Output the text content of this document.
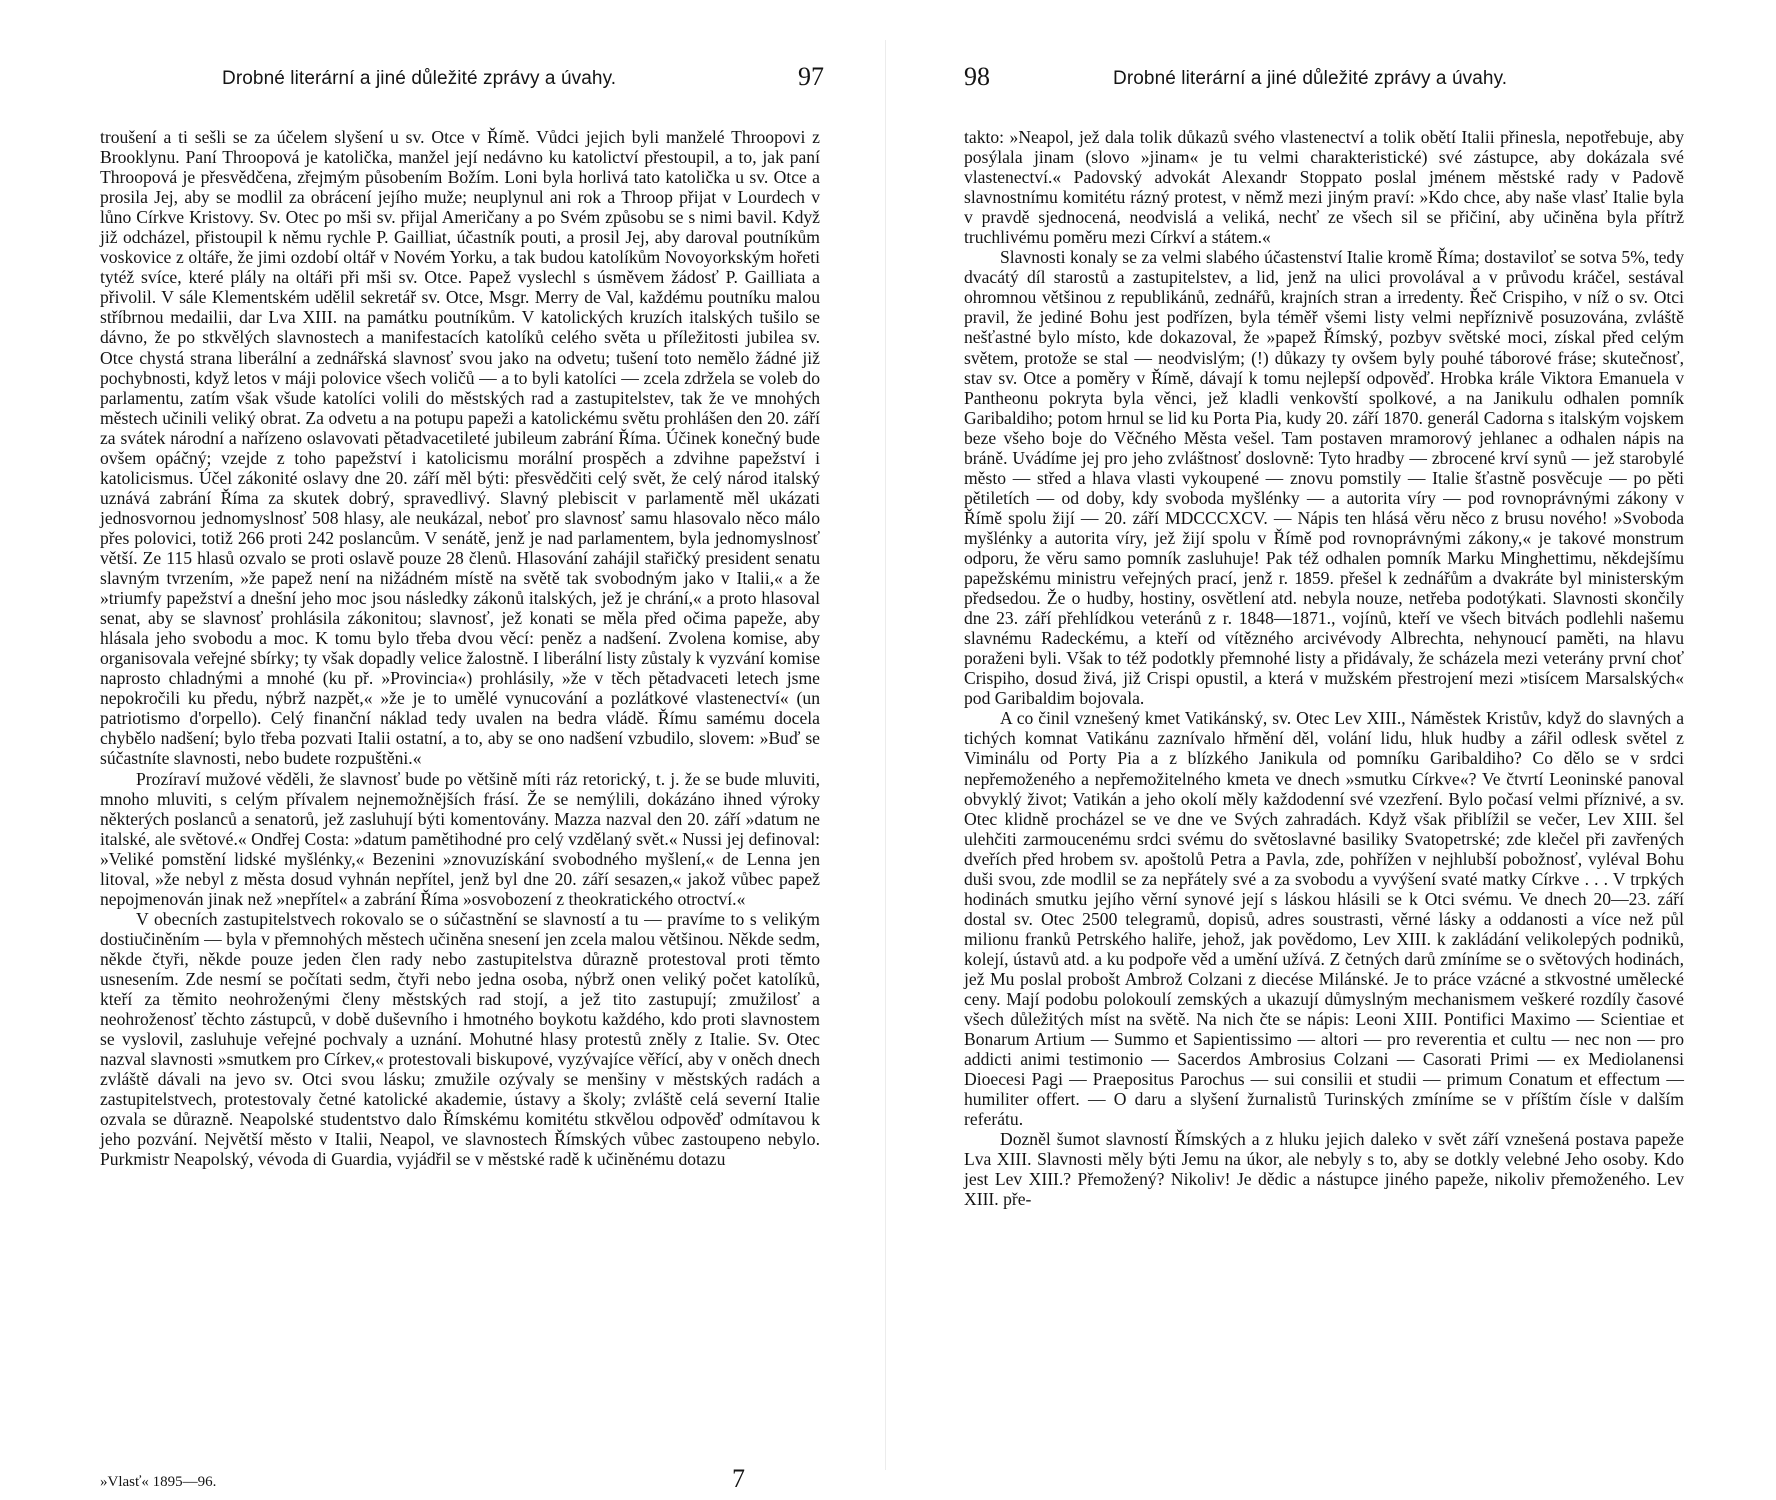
Drobné literární a jiné důležité zprávy a úvahy.	97

troušení a ti sešli se za účelem slyšení u sv. Otce v Římě. Vůdci jejich byli manželé Throopovi z Brooklynu. Paní Throopová je katolička, manžel její nedávno ku katolictví přestoupil, a to, jak paní Throopová je přesvědčena, zřejmým působením Božím. Loni byla horlivá tato katolička u sv. Otce a prosila Jej, aby se modlil za obrácení jejího muže; neuplynul ani rok a Throop přijat v Lourdech v lůno Církve Kristovy. Sv. Otec po mši sv. přijal Američany a po Svém způsobu se s nimi bavil. Když již odcházel, přistoupil k němu rychle P. Gailliat, účastník pouti, a prosil Jej, aby daroval poutníkům voskovice z oltáře, že jimi ozdobí oltář v Novém Yorku, a tak budou katolíkům Novoyorkským hořeti tytéž svíce, které plály na oltáři při mši sv. Otce. Papež vyslechl s úsměvem žádosť P. Gailliata a přivolil. V sále Klementském udělil sekretář sv. Otce, Msgr. Merry de Val, každému poutníku malou stříbrnou medailii, dar Lva XIII. na památku poutníkům. V katolických kruzích italských tušilo se dávno, že po stkvělých slavnostech a manifestacích katolíků celého světa u příležitosti jubilea sv. Otce chystá strana liberální a zednářská slavnosť svou jako na odvetu; tušení toto nemělo žádné již pochybnosti, když letos v máji polovice všech voličů — a to byli katolíci — zcela zdržela se voleb do parlamentu, zatím však všude katolíci volili do městských rad a zastupitelstev, tak že ve mnohých městech učinili veliký obrat. Za odvetu a na potupu papeži a katolickému světu prohlášen den 20. září za svátek národní a nařízeno oslavovati pětadvacetileté jubileum zabrání Říma. Účinek konečný bude ovšem opáčný; vzejde z toho papežství i katolicismu morální prospěch a zdvihne papežství i katolicismus. Účel zákonité oslavy dne 20. září měl býti: přesvědčiti celý svět, že celý národ italský uznává zabrání Říma za skutek dobrý, spravedlivý. Slavný plebiscit v parlamentě měl ukázati jednosvornou jednomyslnosť 508 hlasy, ale neukázal, neboť pro slavnosť samu hlasovalo něco málo přes polovici, totiž 266 proti 242 poslancům. V senátě, jenž je nad parlamentem, byla jednomyslnosť větší. Ze 115 hlasů ozvalo se proti oslavě pouze 28 členů. Hlasování zahájil stařičký president senatu slavným tvrzením, »že papež není na nižádném místě na světě tak svobodným jako v Italii,« a že »triumfy papežství a dnešní jeho moc jsou následky zákonů italských, jež je chrání,« a proto hlasoval senat, aby se slavnosť prohlásila zákonitou; slavnosť, jež konati se měla před očima papeže, aby hlásala jeho svobodu a moc. K tomu bylo třeba dvou věcí: peněz a nadšení. Zvolena komise, aby organisovala veřejné sbírky; ty však dopadly velice žalostně. I liberální listy zůstaly k vyzvání komise naprosto chladnými a mnohé (ku př. »Provincia«) prohlásily, »že v těch pětadvaceti letech jsme nepokročili ku předu, nýbrž nazpět,« »že je to umělé vynucování a pozlátkové vlastenectví« (un patriotismo d'orpello). Celý finanční náklad tedy uvalen na bedra vládě. Římu samému docela chybělo nadšení; bylo třeba pozvati Italii ostatní, a to, aby se ono nadšení vzbudilo, slovem: »Buď se súčastníte slavnosti, nebo budete rozpuštěni.«

Prozíraví mužové věděli, že slavnosť bude po většině míti ráz retorický, t. j. že se bude mluviti, mnoho mluviti, s celým přívalem nejnemožnějších frásí. Že se nemýlili, dokázáno ihned výroky některých poslanců a senatorů, jež zasluhují býti komentovány. Mazza nazval den 20. září »datum ne italské, ale světové.« Ondřej Costa: »datum pamětihodné pro celý vzdělaný svět.« Nussi jej definoval: »Veliké pomstění lidské myšlénky,« Bezenini »znovuzískání svobodného myšlení,« de Lenna jen litoval, »že nebyl z města dosud vyhnán nepřítel, jenž byl dne 20. září sesazen,« jakož vůbec papež nepojmenován jinak než »nepřítel« a zabrání Říma »osvobození z theokratického otroctví.«

V obecních zastupitelstvech rokovalo se o súčastnění se slavností a tu — pravíme to s velikým dostiučiněním — byla v přemnohých městech učiněna snesení jen zcela malou většinou. Někde sedm, někde čtyři, někde pouze jeden člen rady nebo zastupitelstva důrazně protestoval proti těmto usnesením. Zde nesmí se počítati sedm, čtyři nebo jedna osoba, nýbrž onen veliký počet katolíků, kteří za těmito neohroženými členy městských rad stojí, a jež tito zastupují; zmužilosť a neohroženosť těchto zástupců, v době duševního i hmotného boykotu každého, kdo proti slavnostem se vyslovil, zasluhuje veřejné pochvaly a uznání. Mohutné hlasy protestů zněly z Italie. Sv. Otec nazval slavnosti »smutkem pro Církev,« protestovali biskupové, vyzývajíce věřící, aby v oněch dnech zvláště dávali na jevo sv. Otci svou lásku; zmužile ozývaly se menšiny v městských radách a zastupitelstvech, protestovaly četné katolické akademie, ústavy a školy; zvláště celá severní Italie ozvala se důrazně. Neapolské studentstvo dalo Římskému komitétu stkvělou odpověď odmítavou k jeho pozvání. Největší město v Italii, Neapol, ve slavnostech Římských vůbec zastoupeno nebylo. Purkmistr Neapolský, vévoda di Guardia, vyjádřil se v městské radě k učiněnému dotazu

»Vlasť« 1895—96.	7
98	Drobné literární a jiné důležité zprávy a úvahy.

takto: »Neapol, jež dala tolik důkazů svého vlastenectví a tolik obětí Italii přinesla, nepotřebuje, aby posýlala jinam (slovo »jinam« je tu velmi charakteristické) své zástupce, aby dokázala své vlastenectví.« Padovský advokát Alexandr Stoppato poslal jménem městské rady v Padově slavnostnímu komitétu rázný protest, v němž mezi jiným praví: »Kdo chce, aby naše vlasť Italie byla v pravdě sjednocená, neodvislá a veliká, nechť ze všech sil se přičiní, aby učiněna byla přítrž truchlivému poměru mezi Církví a státem.«

Slavnosti konaly se za velmi slabého účastenství Italie kromě Říma; dostaviloť se sotva 5%, tedy dvacátý díl starostů a zastupitelstev, a lid, jenž na ulici provolával a v průvodu kráčel, sestával ohromnou většinou z republikánů, zednářů, krajních stran a irredenty. Řeč Crispiho, v níž o sv. Otci pravil, že jediné Bohu jest podřízen, byla téměř všemi listy velmi nepříznivě posuzována, zvláště nešťastné bylo místo, kde dokazoval, že »papež Římský, pozbyv světské moci, získal před celým světem, protože se stal — neodvislým; (!) důkazy ty ovšem byly pouhé táborové fráse; skutečnosť, stav sv. Otce a poměry v Římě, dávají k tomu nejlepší odpověď. Hrobka krále Viktora Emanuela v Pantheonu pokryta byla věnci, jež kladli venkovští spolkové, a na Janikulu odhalen pomník Garibaldiho; potom hrnul se lid ku Porta Pia, kudy 20. září 1870. generál Cadorna s italským vojskem beze všeho boje do Věčného Města vešel. Tam postaven mramorový jehlanec a odhalen nápis na bráně. Uvádíme jej pro jeho zvláštnosť doslovně: Tyto hradby — zbrocené krví synů — jež starobylé město — střed a hlava vlasti vykoupené — znovu pomstily — Italie šťastně posvěcuje — po pěti pětiletích — od doby, kdy svoboda myšlénky — a autorita víry — pod rovnoprávnými zákony v Římě spolu žijí — 20. září MDCCCXCV. — Nápis ten hlásá věru něco z brusu nového! »Svoboda myšlénky a autorita víry, jež žijí spolu v Římě pod rovnoprávnými zákony,« je takové monstrum odporu, že věru samo pomník zasluhuje! Pak též odhalen pomník Marku Minghettimu, někdejšímu papežskému ministru veřejných prací, jenž r. 1859. přešel k zednářům a dvakráte byl ministerským předsedou. Že o hudby, hostiny, osvětlení atd. nebyla nouze, netřeba podotýkati. Slavnosti skončily dne 23. září přehlídkou veteránů z r. 1848—1871., vojínů, kteří ve všech bitvách podlehli našemu slavnému Radeckému, a kteří od vítězného arcivévody Albrechta, nehynoucí paměti, na hlavu poraženi byli. Však to též podotkly přemnohé listy a přidávaly, že scházela mezi veterány první choť Crispiho, dosud živá, již Crispi opustil, a která v mužském přestrojení mezi »tisícem Marsalských« pod Garibaldim bojovala.

A co činil vznešený kmet Vatikánský, sv. Otec Lev XIII., Náměstek Kristův, když do slavných a tichých komnat Vatikánu zaznívalo hřmění děl, volání lidu, hluk hudby a zářil odlesk světel z Viminálu od Porty Pia a z blízkého Janikula od pomníku Garibaldiho? Co dělo se v srdci nepřemoženého a nepřemožitelného kmeta ve dnech »smutku Církve«? Ve čtvrtí Leoninské panoval obvyklý život; Vatikán a jeho okolí měly každodenní své vzezření. Bylo počasí velmi příznivé, a sv. Otec klidně procházel se ve dne ve Svých zahradách. Když však přiblížil se večer, Lev XIII. šel ulehčiti zarmoucenému srdci svému do světoslavné basiliky Svatopetrské; zde klečel při zavřených dveřích před hrobem sv. apoštolů Petra a Pavla, zde, pohřížen v nejhlubší pobožnosť, vyléval Bohu duši svou, zde modlil se za nepřátely své a za svobodu a vyvýšení svaté matky Církve . . . V trpkých hodinách smutku jejího věrní synové její s láskou hlásili se k Otci svému. Ve dnech 20—23. září dostal sv. Otec 2500 telegramů, dopisů, adres soustrasti, věrné lásky a oddanosti a více než půl milionu franků Petrského haliře, jehož, jak povědomo, Lev XIII. k zakládání velikolepých podniků, kolejí, ústavů atd. a ku podpoře věd a umění užívá. Z četných darů zmíníme se o světových hodinách, jež Mu poslal probošt Ambrož Colzani z diecése Milánské. Je to práce vzácné a stkvostné umělecké ceny. Mají podobu polokoulí zemských a ukazují důmyslným mechanismem veškeré rozdíly časové všech důležitých míst na světě. Na nich čte se nápis: Leoni XIII. Pontifici Maximo — Scientiae et Bonarum Artium — Summo et Sapientissimo — altori — pro reverentia et cultu — nec non — pro addicti animi testimonio — Sacerdos Ambrosius Colzani — Casorati Primi — ex Mediolanensi Dioecesi Pagi — Praepositus Parochus — sui consilii et studii — primum Conatum et effectum — humiliter offert. — O daru a slyšení žurnalistů Turinských zmíníme se v příštím čísle v dalším referátu.

Dozněl šumot slavností Římských a z hluku jejich daleko v svět září vznešená postava papeže Lva XIII. Slavnosti měly býti Jemu na úkor, ale nebyly s to, aby se dotkly velebné Jeho osoby. Kdo jest Lev XIII.? Přemožený? Nikoliv! Je dědic a nástupce jiného papeže, nikoliv přemoženého. Lev XIII. pře-
